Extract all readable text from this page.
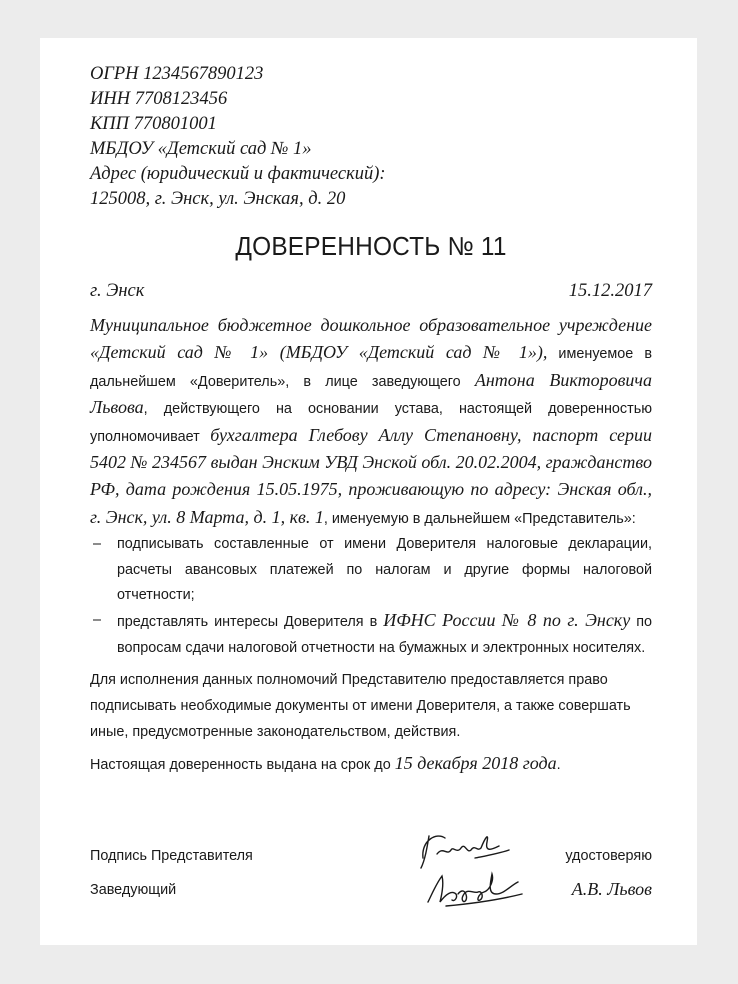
ОГРН 1234567890123
ИНН 7708123456
КПП 770801001
МБДОУ «Детский сад № 1»
Адрес (юридический и фактический):
125008, г. Энск, ул. Энская, д. 20
ДОВЕРЕННОСТЬ № 11
г. Энск	15.12.2017
Муниципальное бюджетное дошкольное образовательное учреждение «Детский сад № 1» (МБДОУ «Детский сад № 1»), именуемое в дальнейшем «Доверитель», в лице заведующего Антона Викторовича Львова, действующего на основании устава, настоящей доверенностью уполномочивает бухгалтера Глебову Аллу Степановну, паспорт серии 5402 № 234567 выдан Энским УВД Энской обл. 20.02.2004, гражданство РФ, дата рождения 15.05.1975, проживающую по адресу: Энская обл., г. Энск, ул. 8 Марта, д. 1, кв. 1, именуемую в дальнейшем «Представитель»:
– подписывать составленные от имени Доверителя налоговые декларации, расчеты авансовых платежей по налогам и другие формы налоговой отчетности;
– представлять интересы Доверителя в ИФНС России № 8 по г. Энску по вопросам сдачи налоговой отчетности на бумажных и электронных носителях.
Для исполнения данных полномочий Представителю предоставляется право подписывать необходимые документы от имени Доверителя, а также совершать иные, предусмотренные законодательством, действия.
Настоящая доверенность выдана на срок до 15 декабря 2018 года.
Подпись Представителя	удостоверяю
Заведующий	А.В. Львов
